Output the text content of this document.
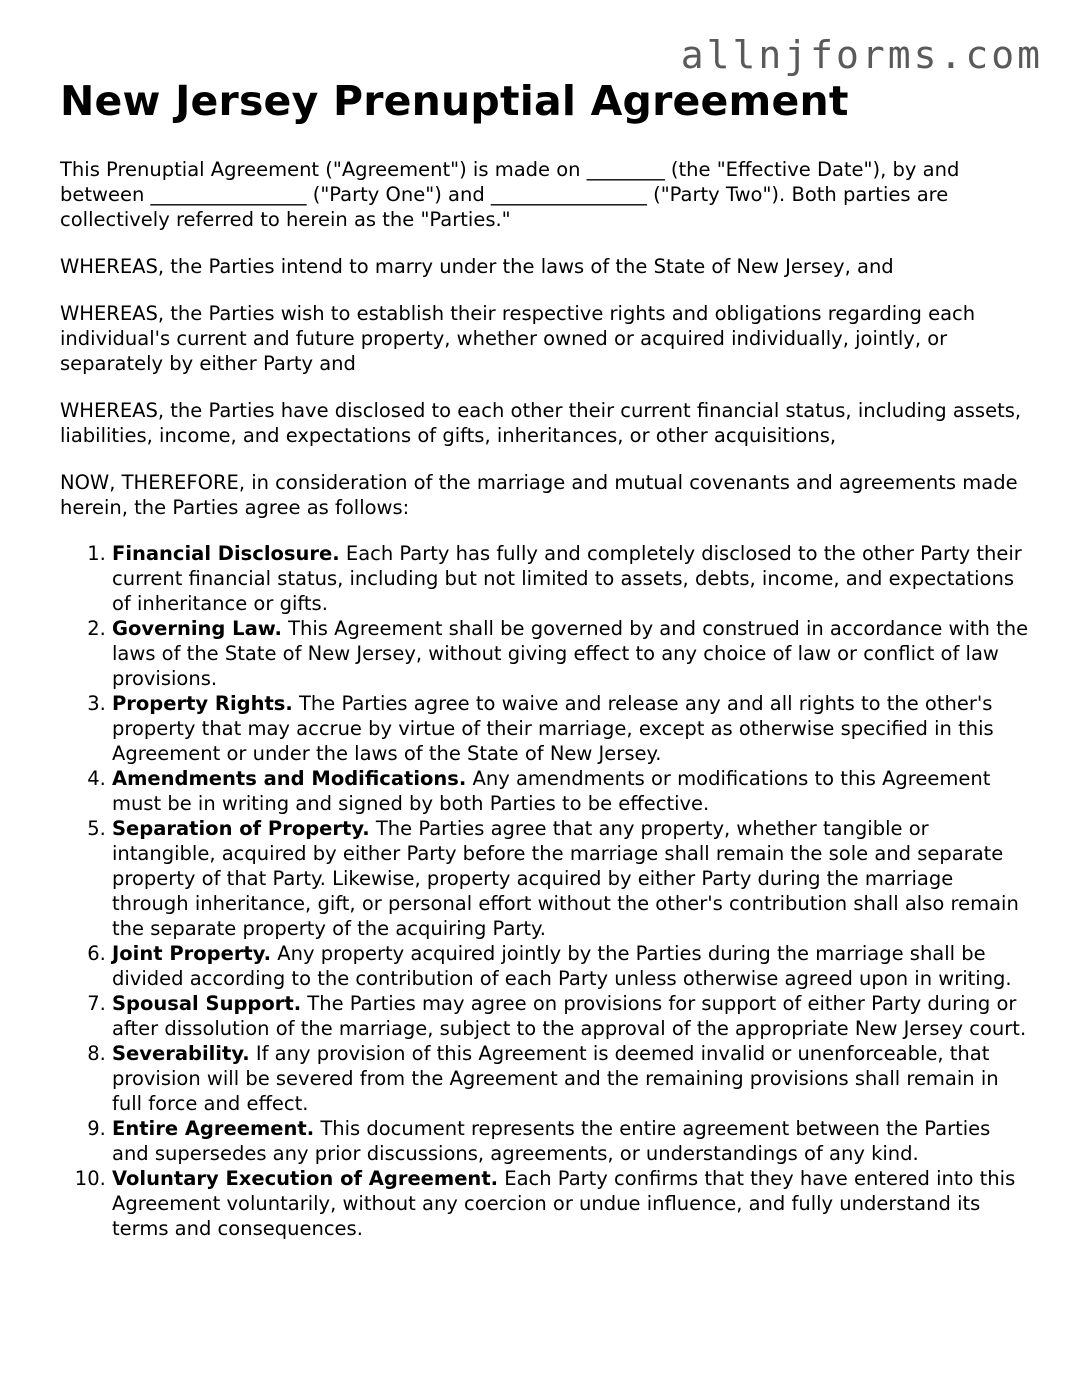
allnjforms.com
New Jersey Prenuptial Agreement

This Prenuptial Agreement ("Agreement") is made on ________ (the "Effective Date"), by and between ________________ ("Party One") and ________________ ("Party Two"). Both parties are collectively referred to herein as the "Parties."

WHEREAS, the Parties intend to marry under the laws of the State of New Jersey, and

WHEREAS, the Parties wish to establish their respective rights and obligations regarding each individual's current and future property, whether owned or acquired individually, jointly, or separately by either Party and

WHEREAS, the Parties have disclosed to each other their current financial status, including assets, liabilities, income, and expectations of gifts, inheritances, or other acquisitions,

NOW, THEREFORE, in consideration of the marriage and mutual covenants and agreements made herein, the Parties agree as follows:

1. Financial Disclosure. Each Party has fully and completely disclosed to the other Party their current financial status, including but not limited to assets, debts, income, and expectations of inheritance or gifts.
2. Governing Law. This Agreement shall be governed by and construed in accordance with the laws of the State of New Jersey, without giving effect to any choice of law or conflict of law provisions.
3. Property Rights. The Parties agree to waive and release any and all rights to the other's property that may accrue by virtue of their marriage, except as otherwise specified in this Agreement or under the laws of the State of New Jersey.
4. Amendments and Modifications. Any amendments or modifications to this Agreement must be in writing and signed by both Parties to be effective.
5. Separation of Property. The Parties agree that any property, whether tangible or intangible, acquired by either Party before the marriage shall remain the sole and separate property of that Party. Likewise, property acquired by either Party during the marriage through inheritance, gift, or personal effort without the other's contribution shall also remain the separate property of the acquiring Party.
6. Joint Property. Any property acquired jointly by the Parties during the marriage shall be divided according to the contribution of each Party unless otherwise agreed upon in writing.
7. Spousal Support. The Parties may agree on provisions for support of either Party during or after dissolution of the marriage, subject to the approval of the appropriate New Jersey court.
8. Severability. If any provision of this Agreement is deemed invalid or unenforceable, that provision will be severed from the Agreement and the remaining provisions shall remain in full force and effect.
9. Entire Agreement. This document represents the entire agreement between the Parties and supersedes any prior discussions, agreements, or understandings of any kind.
10. Voluntary Execution of Agreement. Each Party confirms that they have entered into this Agreement voluntarily, without any coercion or undue influence, and fully understand its terms and consequences.
